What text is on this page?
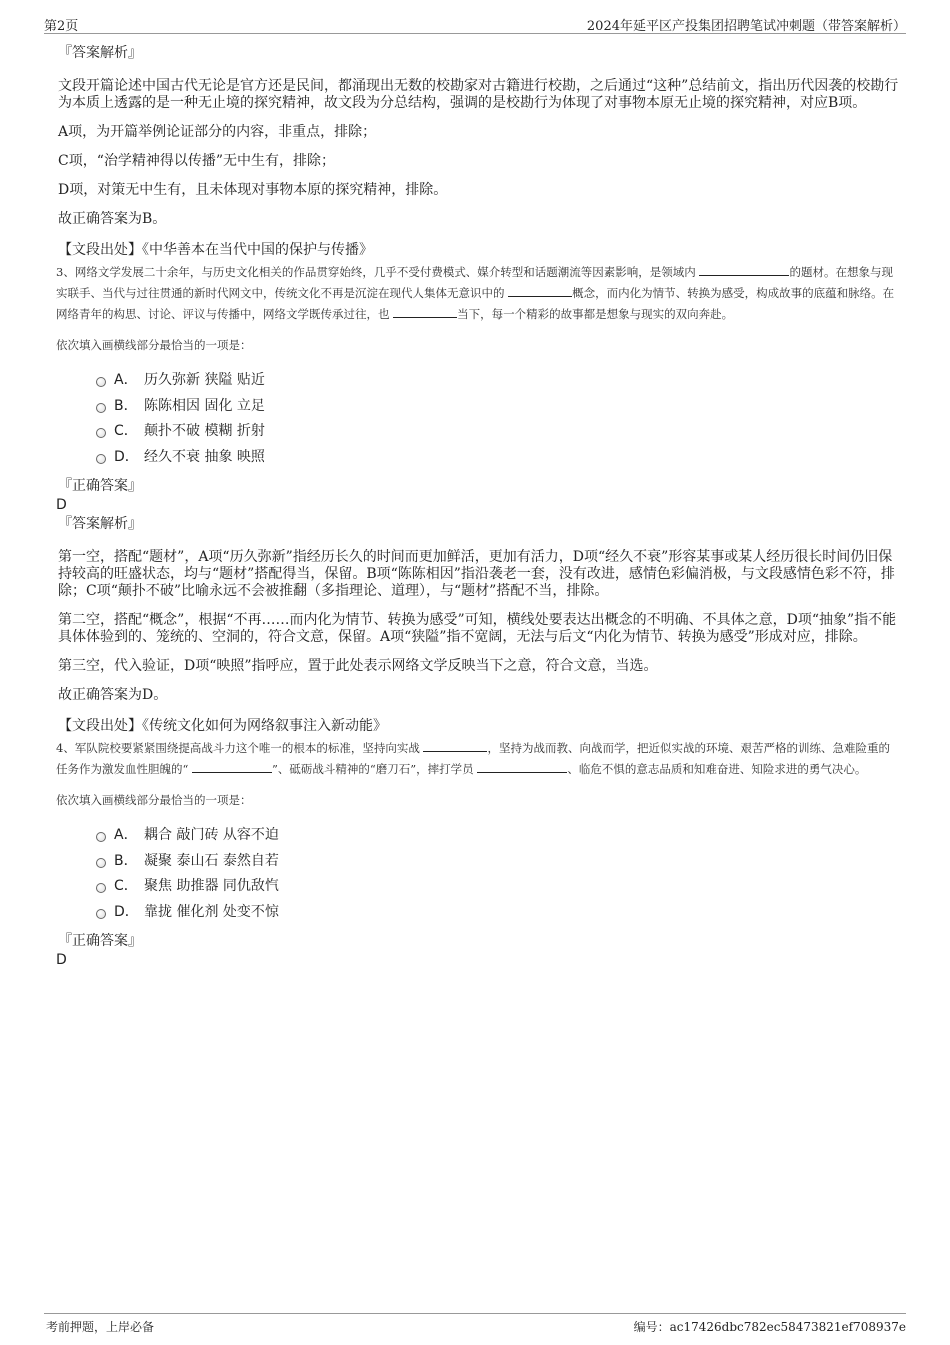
第2页	2024年延平区产投集团招聘笔试冲刺题（带答案解析）
『答案解析』

文段开篇论述中国古代无论是官方还是民间，都涌现出无数的校勘家对古籍进行校勘，之后通过“这种”总结前文，指出历代因袭的校勘行为本质上透露的是一种无止境的探究精神，故文段为分总结构，强调的是校勘行为体现了对事物本原无止境的探究精神，对应B项。

A项，为开篇举例论证部分的内容，非重点，排除；

C项，“治学精神得以传播”无中生有，排除；

D项，对策无中生有，且未体现对事物本原的探究精神，排除。

故正确答案为B。

【文段出处】《中华善本在当代中国的保护与传播》

3、网络文学发展二十余年，与历史文化相关的作品贯穿始终，几乎不受付费模式、媒介转型和话题潮流等因素影响，是领域内	的题材。在想象与现实联手、当代与过往贯通的新时代网文中，传统文化不再是沉淀在现代人集体无意识中的	概念，而内化为情节、转换为感受，构成故事的底蕴和脉络。在网络青年的构思、讨论、评议与传播中，网络文学既传承过往，也	当下，每一个精彩的故事都是想象与现实的双向奔赴。

依次填入画横线部分最恰当的一项是：

A． 历久弥新 狭隘 贴近
B． 陈陈相因 固化 立足
C． 颠扑不破 模糊 折射
D． 经久不衰 抽象 映照
『正确答案』
D
『答案解析』

第一空，搭配“题材”，A项“历久弥新”指经历长久的时间而更加鲜活，更加有活力，D项“经久不衰”形容某事或某人经历很长时间仍旧保持较高的旺盛状态，均与“题材”搭配得当，保留。B项“陈陈相因”指沿袭老一套，没有改进，感情色彩偏消极，与文段感情色彩不符，排除；C项“颠扑不破”比喻永远不会被推翻（多指理论、道理），与“题材”搭配不当，排除。

第二空，搭配“概念”，根据“不再……而内化为情节、转换为感受”可知，横线处要表达出概念的不明确、不具体之意，D项“抽象”指不能具体体验到的、笼统的、空洞的，符合文意，保留。A项“狭隘”指不宽阔，无法与后文“内化为情节、转换为感受”形成对应，排除。

第三空，代入验证，D项“映照”指呼应，置于此处表示网络文学反映当下之意，符合文意，当选。

故正确答案为D。

【文段出处】《传统文化如何为网络叙事注入新动能》

4、军队院校要紧紧围绕提高战斗力这个唯一的根本的标准，坚持向实战	，坚持为战而教、向战而学，把近似实战的环境、艰苦严格的训练、急难险重的任务作为激发血性胆魄的“	”、砥砺战斗精神的“磨刀石”，摔打学员	、临危不惧的意志品质和知难奋进、知险求进的勇气决心。

依次填入画横线部分最恰当的一项是：

A． 耦合 敲门砖 从容不迫
B． 凝聚 泰山石 泰然自若
C． 聚焦 助推器 同仇敌忾
D． 靠拢 催化剂 处变不惊
『正确答案』
D
考前押题，上岸必备	编号：ac17426dbc782ec58473821ef708937e
